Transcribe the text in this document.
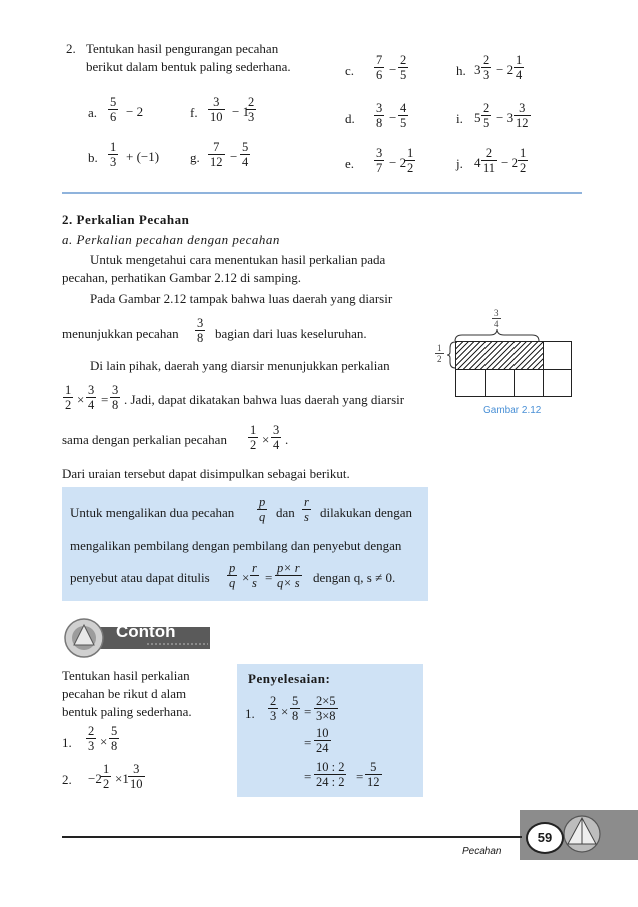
2. Tentukan hasil pengurangan pecahan
berikut dalam bentuk paling sederhana.
a. $\frac{5}{6} - 2$
b. $\frac{1}{3} + (-1)$
f. $\frac{3}{10} - 1$
$\frac{2}{3}$
g. $\frac{7}{12} - \frac{5}{4}$
c. $\frac{7}{6} - \frac{2}{5}$
d. $\frac{3}{8} - \frac{4}{5}$
e. $\frac{3}{7} - 2$
$\frac{1}{2}$
h. $3 \frac{2}{3} - 2 \frac{1}{4}$
i. $5 \frac{2}{5} - 3 \frac{3}{12}$
j. $4 \frac{2}{11} - 2 \frac{1}{2}$
2. Perkalian Pecahan
a. Perkalian pecahan dengan pecahan
Untuk mengetahui cara menentukan hasil perkalian pada
pecahan, perhatikan Gambar 2.12 di samping.
Pada Gambar 2.12 tampak bahwa luas daerah yang diarsir
menunjukkan pecahan $\frac{3}{8}$ bagian dari luas keseluruhan.
Di lain pihak, daerah yang diarsir menunjukkan perkalian
$\frac{1}{2} \times \frac{3}{4} = \frac{3}{8}$ . Jadi, dapat dikatakan bahwa luas daerah yang diarsir
sama dengan perkalian pecahan $\frac{1}{2} \times \frac{3}{4}$ .
Dari uraian tersebut dapat disimpulkan sebagai berikut.
$\frac{3}{4}$
$\frac{1}{2}$
Gambar 2.12
Untuk mengalikan dua pecahan $\frac{p}{q}$ dan $\frac{r}{s}$ dilakukan dengan
mengalikan pembilang dengan pembilang dan penyebut dengan
penyebut atau dapat ditulis $\frac{p}{q} \times \frac{r}{s} = \frac{p\times r}{q\times s}$ dengan q, s ≠ 0.
Contoh
Tentukan hasil perkalian
pecahan be rikut d alam
bentuk paling sederhana.
1. $\frac{2}{3} \times \frac{5}{8}$
2. $-2 \frac{1}{2} \times 1 \frac{3}{10}$
Penyelesaian:
1. $\frac{2}{3} \times \frac{5}{8} = \frac{2\times 5}{3\times 8}$
= $\frac{10}{24}$
= $\frac{10 : 2}{24 : 2} = \frac{5}{12}$
Pecahan
59
